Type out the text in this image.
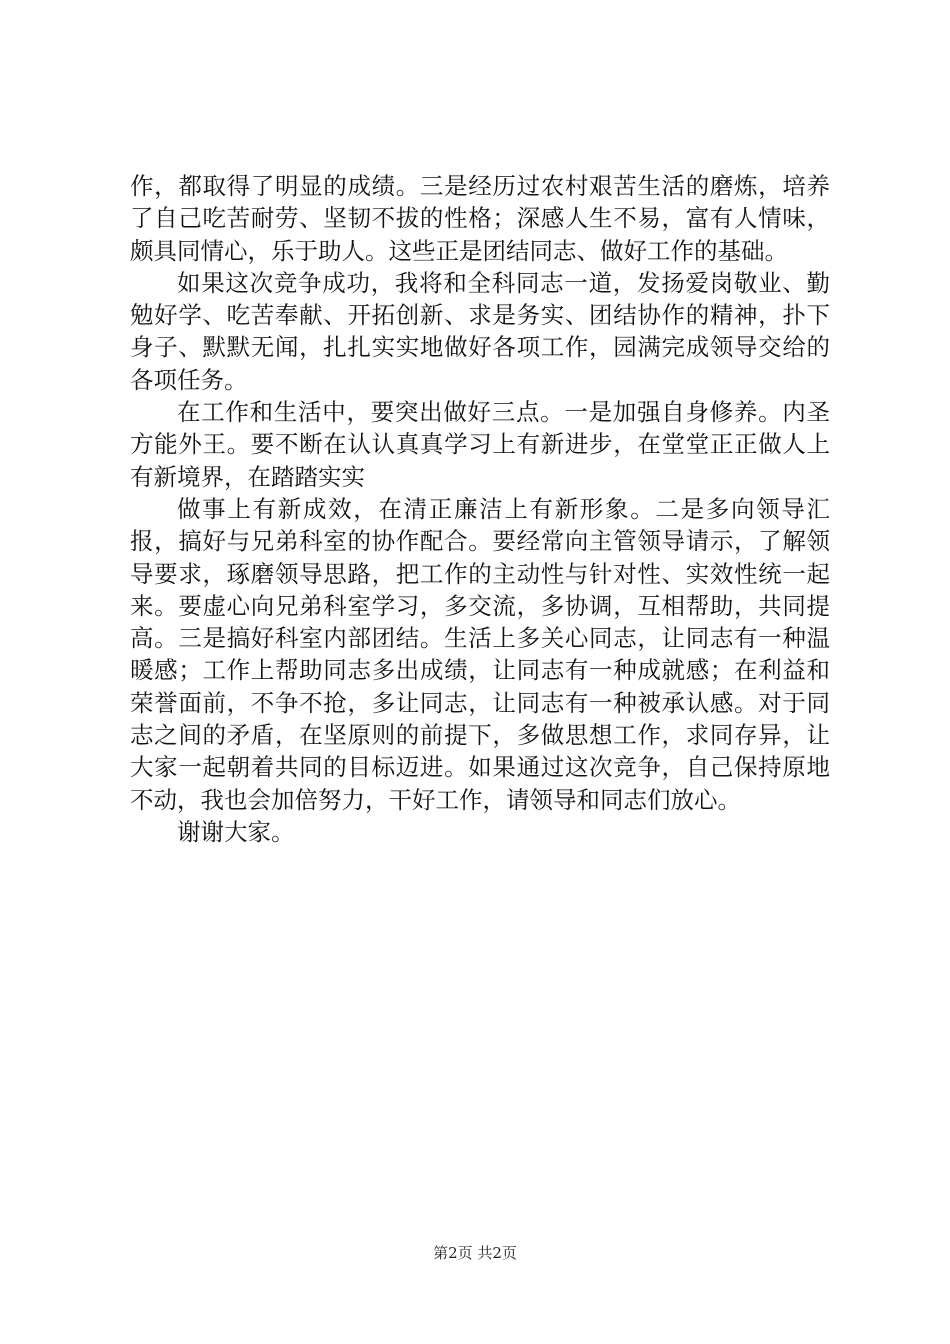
作，都取得了明显的成绩。三是经历过农村艰苦生活的磨炼，培养了自己吃苦耐劳、坚韧不拔的性格；深感人生不易，富有人情味，颇具同情心，乐于助人。这些正是团结同志、做好工作的基础。

如果这次竞争成功，我将和全科同志一道，发扬爱岗敬业、勤勉好学、吃苦奉献、开拓创新、求是务实、团结协作的精神，扑下身子、默默无闻，扎扎实实地做好各项工作，园满完成领导交给的各项任务。

在工作和生活中，要突出做好三点。一是加强自身修养。内圣方能外王。要不断在认认真真学习上有新进步，在堂堂正正做人上有新境界，在踏踏实实

做事上有新成效，在清正廉洁上有新形象。二是多向领导汇报，搞好与兄弟科室的协作配合。要经常向主管领导请示，了解领导要求，琢磨领导思路，把工作的主动性与针对性、实效性统一起来。要虚心向兄弟科室学习，多交流，多协调，互相帮助，共同提高。三是搞好科室内部团结。生活上多关心同志，让同志有一种温暖感；工作上帮助同志多出成绩，让同志有一种成就感；在利益和荣誉面前，不争不抢，多让同志，让同志有一种被承认感。对于同志之间的矛盾，在坚原则的前提下，多做思想工作，求同存异，让大家一起朝着共同的目标迈进。如果通过这次竞争，自己保持原地不动，我也会加倍努力，干好工作，请领导和同志们放心。

谢谢大家。

第2页 共2页
